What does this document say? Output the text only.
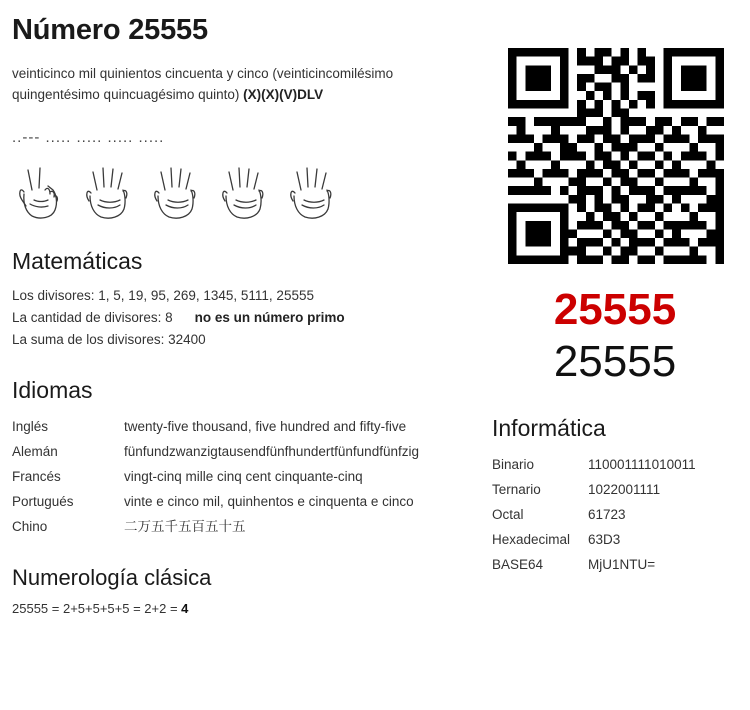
Número 25555
veinticinco mil quinientos cincuenta y cinco (veinticincomilésimo quingentésimo quincuagésimo quinto) (X)(X)(V)DLV
..--- ..... ..... ..... .....
Matemáticas
Los divisores: 1, 5, 19, 95, 269, 1345, 5111, 25555
La cantidad de divisores: 8 no es un número primo
La suma de los divisores: 32400
Idiomas
Inglés	twenty-five thousand, five hundred and fifty-five
Alemán	fünfundzwanzigtausendfünfhundertfünfundfünfzig
Francés	vingt-cinq mille cinq cent cinquante-cinq
Portugués	vinte e cinco mil, quinhentos e cinquenta e cinco
Chino	二万五千五百五十五
Numerología clásica
25555 = 2+5+5+5+5 = 2+2 = 4
25555
25555
Informática
Binario	110001111010011
Ternario	1022001111
Octal	61723
Hexadecimal	63D3
BASE64	MjU1NTU=
